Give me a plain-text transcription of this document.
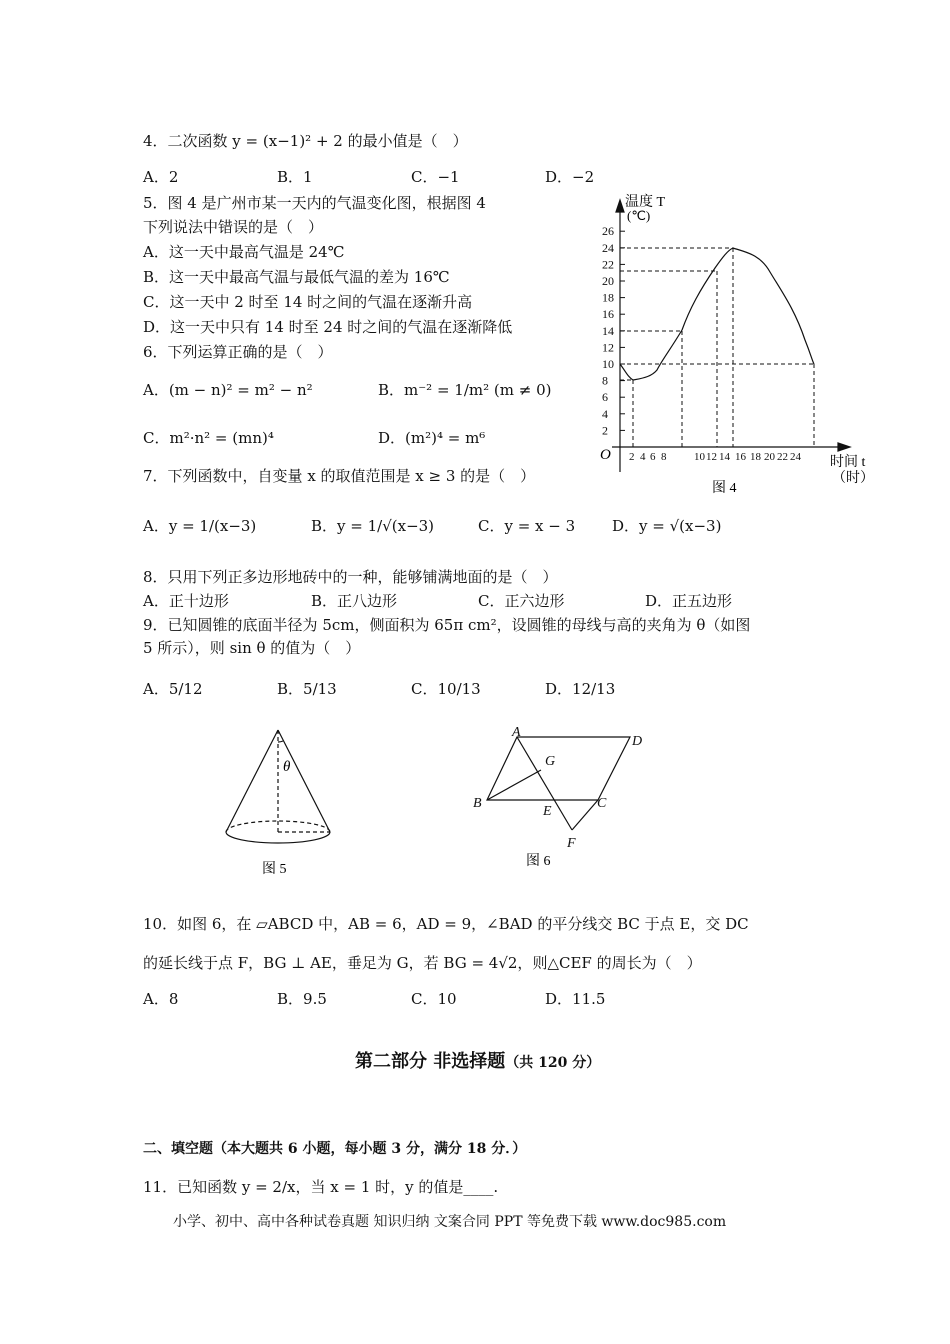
4．二次函数 y = (x−1)² + 2 的最小值是（　）
A．2	B．1	C．−1	D．−2
5．图 4 是广州市某一天内的气温变化图，根据图 4
下列说法中错误的是（　）
A．这一天中最高气温是 24℃
B．这一天中最高气温与最低气温的差为 16℃
C．这一天中 2 时至 14 时之间的气温在逐渐升高
D．这一天中只有 14 时至 24 时之间的气温在逐渐降低
6．下列运算正确的是（　）
A．(m − n)² = m² − n²	B．m⁻² = 1/m² (m ≠ 0)
C．m²·n² = (mn)⁴	D．(m²)⁴ = m⁶
7．下列函数中，自变量 x 的取值范围是 x ≥ 3 的是（　）
A．y = 1/(x−3)	B．y = 1/√(x−3)	C．y = x − 3 D．y = √(x−3)
8．只用下列正多边形地砖中的一种，能够铺满地面的是（　）
A．正十边形	B．正八边形	C．正六边形	D．正五边形
9．已知圆锥的底面半径为 5cm，侧面积为 65π cm²，设圆锥的母线与高的夹角为 θ（如图
5 所示），则 sin θ 的值为（　）
A．5/12	B．5/13	C．10/13	D．12/13
10．如图 6，在 ▱ABCD 中，AB = 6，AD = 9，∠BAD 的平分线交 BC 于点 E，交 DC
的延长线于点 F，BG ⊥ AE，垂足为 G，若 BG = 4√2，则△CEF 的周长为（　）
A．8	B．9.5	C．10	D．11.5
第二部分 非选择题（共 120 分）
二、填空题（本大题共 6 小题，每小题 3 分，满分 18 分．）
11．已知函数 y = 2/x，当 x = 1 时，y 的值是____.
小学、初中、高中各种试卷真题 知识归纳 文案合同 PPT 等免费下载 www.doc985.com
2
4
6
8
10
12
14
16
18
20
22
24
26
2 4 6 8	10 12 14 16 18 20 22 24
温度 T
(℃)
O	时间 t
（时）
图 4
θ
图 5
A
B	C
D
E
F
G
图 6
